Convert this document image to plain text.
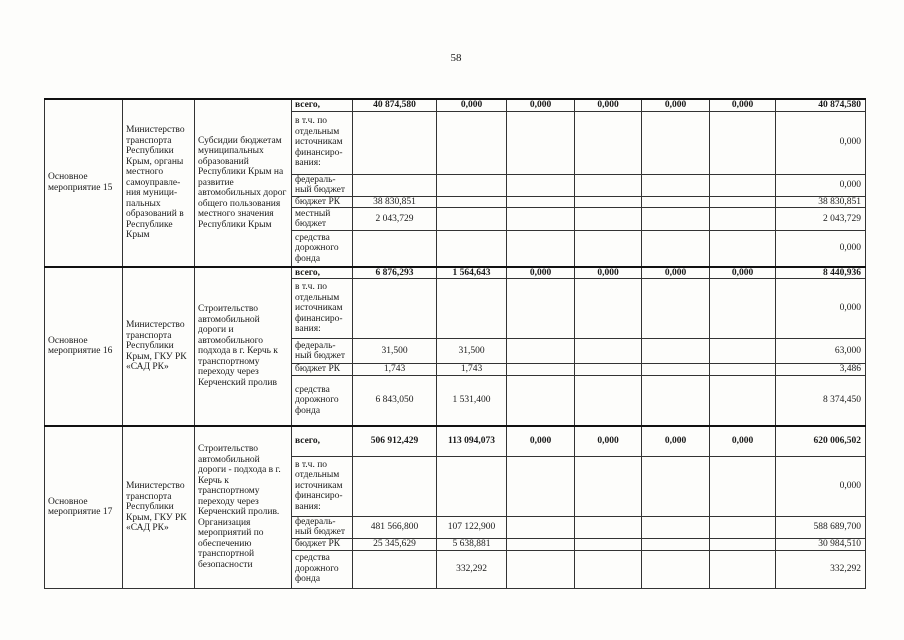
58
Основное мероприятие 15	Министерство транспорта Республики Крым, органы местного самоуправле-ния муници-пальных образований в Республике Крым	Субсидии бюджетам муниципальных образований Республики Крым на развитие автомобильных дорог общего пользования местного значения Республики Крым	всего,	40 874,580	0,000	0,000	0,000	0,000	0,000	40 874,580
			в т.ч. по отдельным источникам финансиро-вания:							0,000
			федераль-ный бюджет							0,000
			бюджет РК	38 830,851						38 830,851
			местный бюджет	2 043,729						2 043,729
			средства дорожного фонда							0,000
Основное мероприятие 16	Министерство транспорта Республики Крым, ГКУ РК «САД РК»	Строительство автомобильной дороги и автомобильного подхода в г. Керчь к транспортному переходу через Керченский пролив	всего,	6 876,293	1 564,643	0,000	0,000	0,000	0,000	8 440,936
			в т.ч. по отдельным источникам финансиро-вания:							0,000
			федераль-ный бюджет	31,500	31,500					63,000
			бюджет РК	1,743	1,743					3,486
			средства дорожного фонда	6 843,050	1 531,400					8 374,450
Основное мероприятие 17	Министерство транспорта Республики Крым, ГКУ РК «САД РК»	Строительство автомобильной дороги - подхода в г. Керчь к транспортному переходу через Керченский пролив. Организация мероприятий по обеспечению транспортной безопасности	всего,	506 912,429	113 094,073	0,000	0,000	0,000	0,000	620 006,502
			в т.ч. по отдельным источникам финансиро-вания:							0,000
			федераль-ный бюджет	481 566,800	107 122,900					588 689,700
			бюджет РК	25 345,629	5 638,881					30 984,510
			средства дорожного фонда		332,292					332,292
